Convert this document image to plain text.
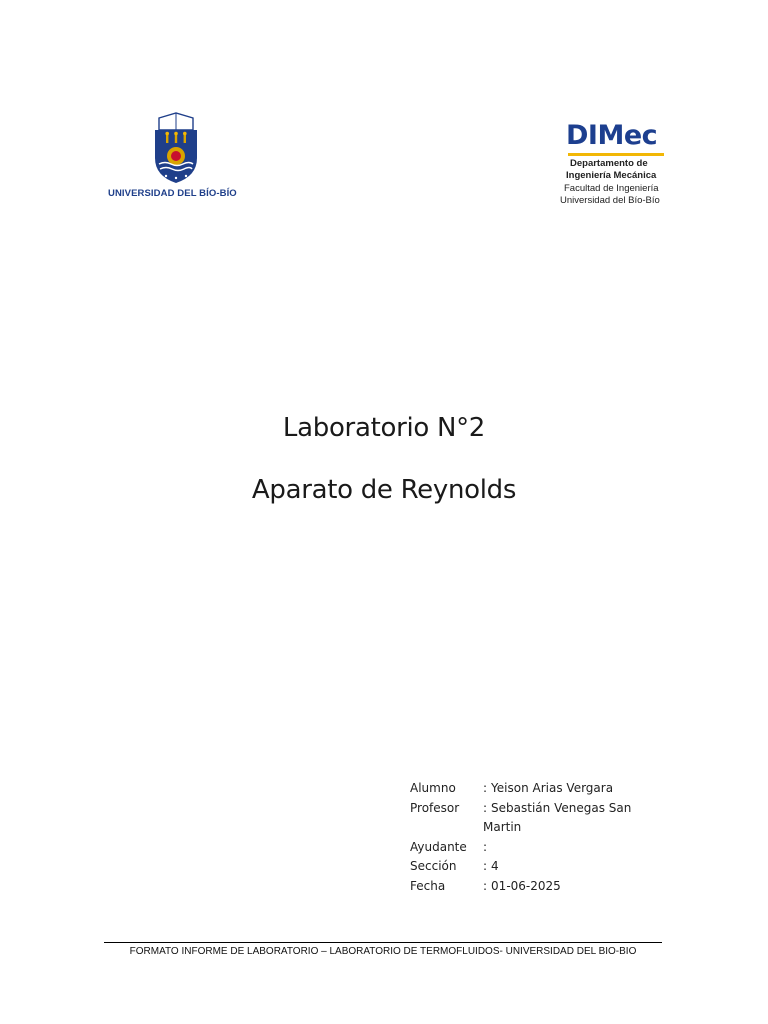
UNIVERSIDAD DEL BÍO-BÍO
DIMec
Departamento de
Ingeniería Mecánica
Facultad de Ingeniería
Universidad del Bío-Bío
Laboratorio N°2
Aparato de Reynolds
Alumno	: Yeison Arias Vergara
Profesor	: Sebastián Venegas San Martin
Ayudante	:
Sección	: 4
Fecha	: 01-06-2025
FORMATO INFORME DE LABORATORIO – LABORATORIO DE TERMOFLUIDOS- UNIVERSIDAD DEL BIO-BIO
